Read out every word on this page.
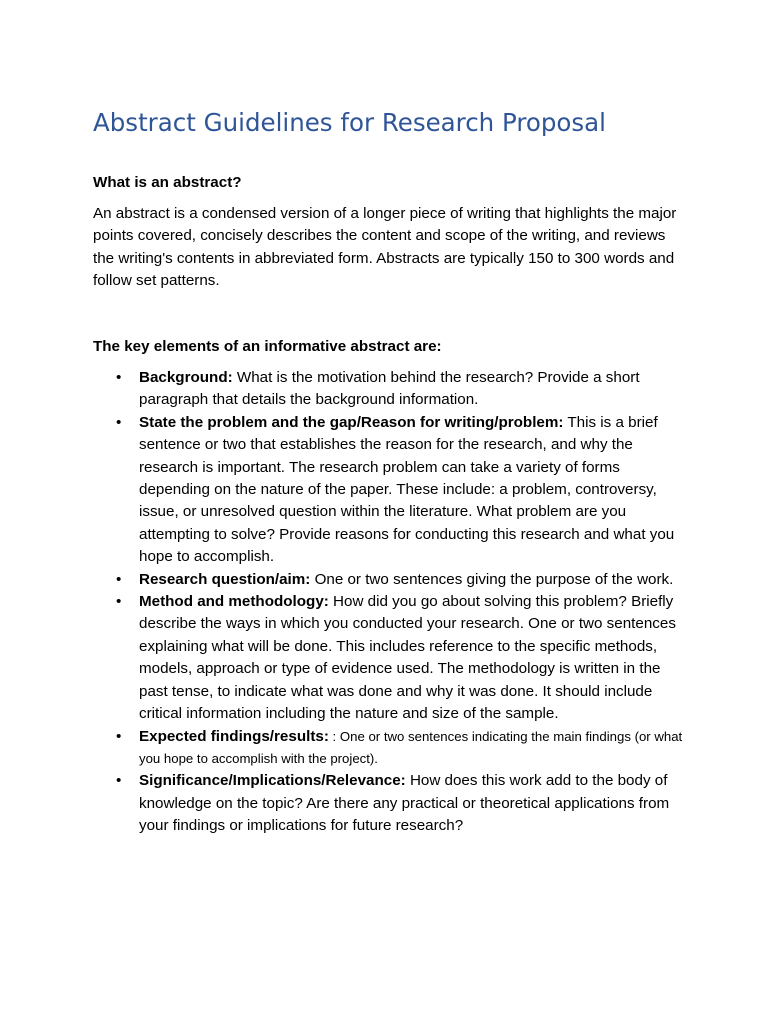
Abstract Guidelines for Research Proposal
What is an abstract?

An abstract is a condensed version of a longer piece of writing that highlights the major points covered, concisely describes the content and scope of the writing, and reviews the writing's contents in abbreviated form. Abstracts are typically 150 to 300 words and follow set patterns.

The key elements of an informative abstract are:
• Background: What is the motivation behind the research? Provide a short paragraph that details the background information.
• State the problem and the gap/Reason for writing/problem: This is a brief sentence or two that establishes the reason for the research, and why the research is important. The research problem can take a variety of forms depending on the nature of the paper. These include: a problem, controversy, issue, or unresolved question within the literature. What problem are you attempting to solve? Provide reasons for conducting this research and what you hope to accomplish.
• Research question/aim: One or two sentences giving the purpose of the work.
• Method and methodology: How did you go about solving this problem? Briefly describe the ways in which you conducted your research. One or two sentences explaining what will be done. This includes reference to the specific methods, models, approach or type of evidence used. The methodology is written in the past tense, to indicate what was done and why it was done. It should include critical information including the nature and size of the sample.
• Expected findings/results: : One or two sentences indicating the main findings (or what you hope to accomplish with the project).
• Significance/Implications/Relevance: How does this work add to the body of knowledge on the topic? Are there any practical or theoretical applications from your findings or implications for future research?
